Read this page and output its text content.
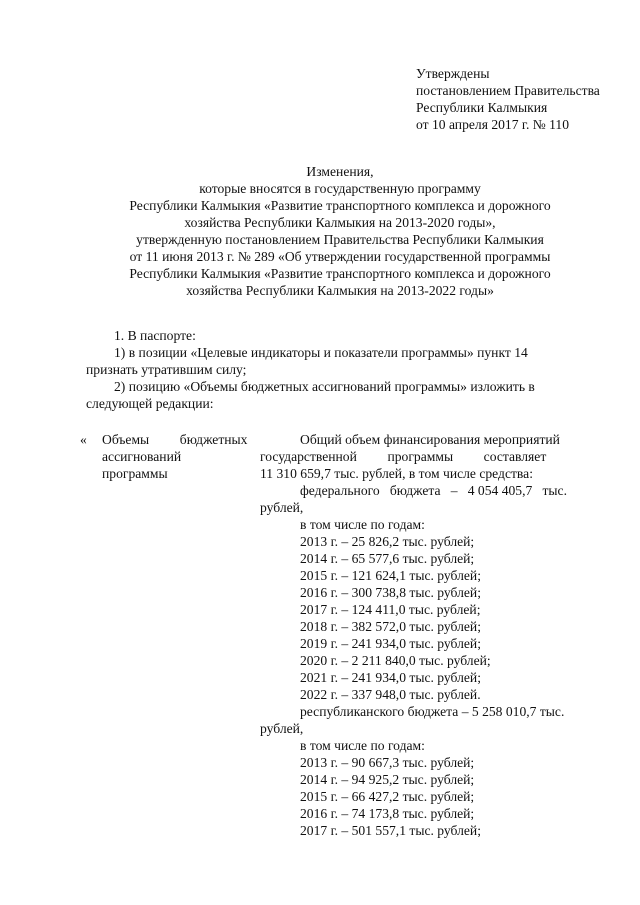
Утверждены
постановлением Правительства
Республики Калмыкия
от 10 апреля 2017 г. № 110
Изменения,
которые вносятся в государственную программу
Республики Калмыкия «Развитие транспортного комплекса и дорожного
хозяйства Республики Калмыкия на 2013-2020 годы»,
утвержденную постановлением Правительства Республики Калмыкия
от 11 июня 2013 г. № 289 «Об утверждении государственной программы
Республики Калмыкия «Развитие транспортного комплекса и дорожного
хозяйства Республики Калмыкия на 2013-2022 годы»
1. В паспорте:
1) в позиции «Целевые индикаторы и показатели программы» пункт 14
признать утратившим силу;
2) позицию «Объемы бюджетных ассигнований программы» изложить в
следующей редакции:
« Объемы         бюджетных
ассигнований
программы
Общий объем финансирования мероприятий
государственной         программы         составляет
11 310 659,7 тыс. рублей, в том числе средства:
федерального   бюджета   –   4 054 405,7   тыс.
рублей,
в том числе по годам:
2013 г. – 25 826,2 тыс. рублей;
2014 г. – 65 577,6 тыс. рублей;
2015 г. – 121 624,1 тыс. рублей;
2016 г. – 300 738,8 тыс. рублей;
2017 г. – 124 411,0 тыс. рублей;
2018 г. – 382 572,0 тыс. рублей;
2019 г. – 241 934,0 тыс. рублей;
2020 г. – 2 211 840,0 тыс. рублей;
2021 г. – 241 934,0 тыс. рублей;
2022 г. – 337 948,0 тыс. рублей.
республиканского бюджета – 5 258 010,7 тыс.
рублей,
в том числе по годам:
2013 г. – 90 667,3 тыс. рублей;
2014 г. – 94 925,2 тыс. рублей;
2015 г. – 66 427,2 тыс. рублей;
2016 г. – 74 173,8 тыс. рублей;
2017 г. – 501 557,1 тыс. рублей;
